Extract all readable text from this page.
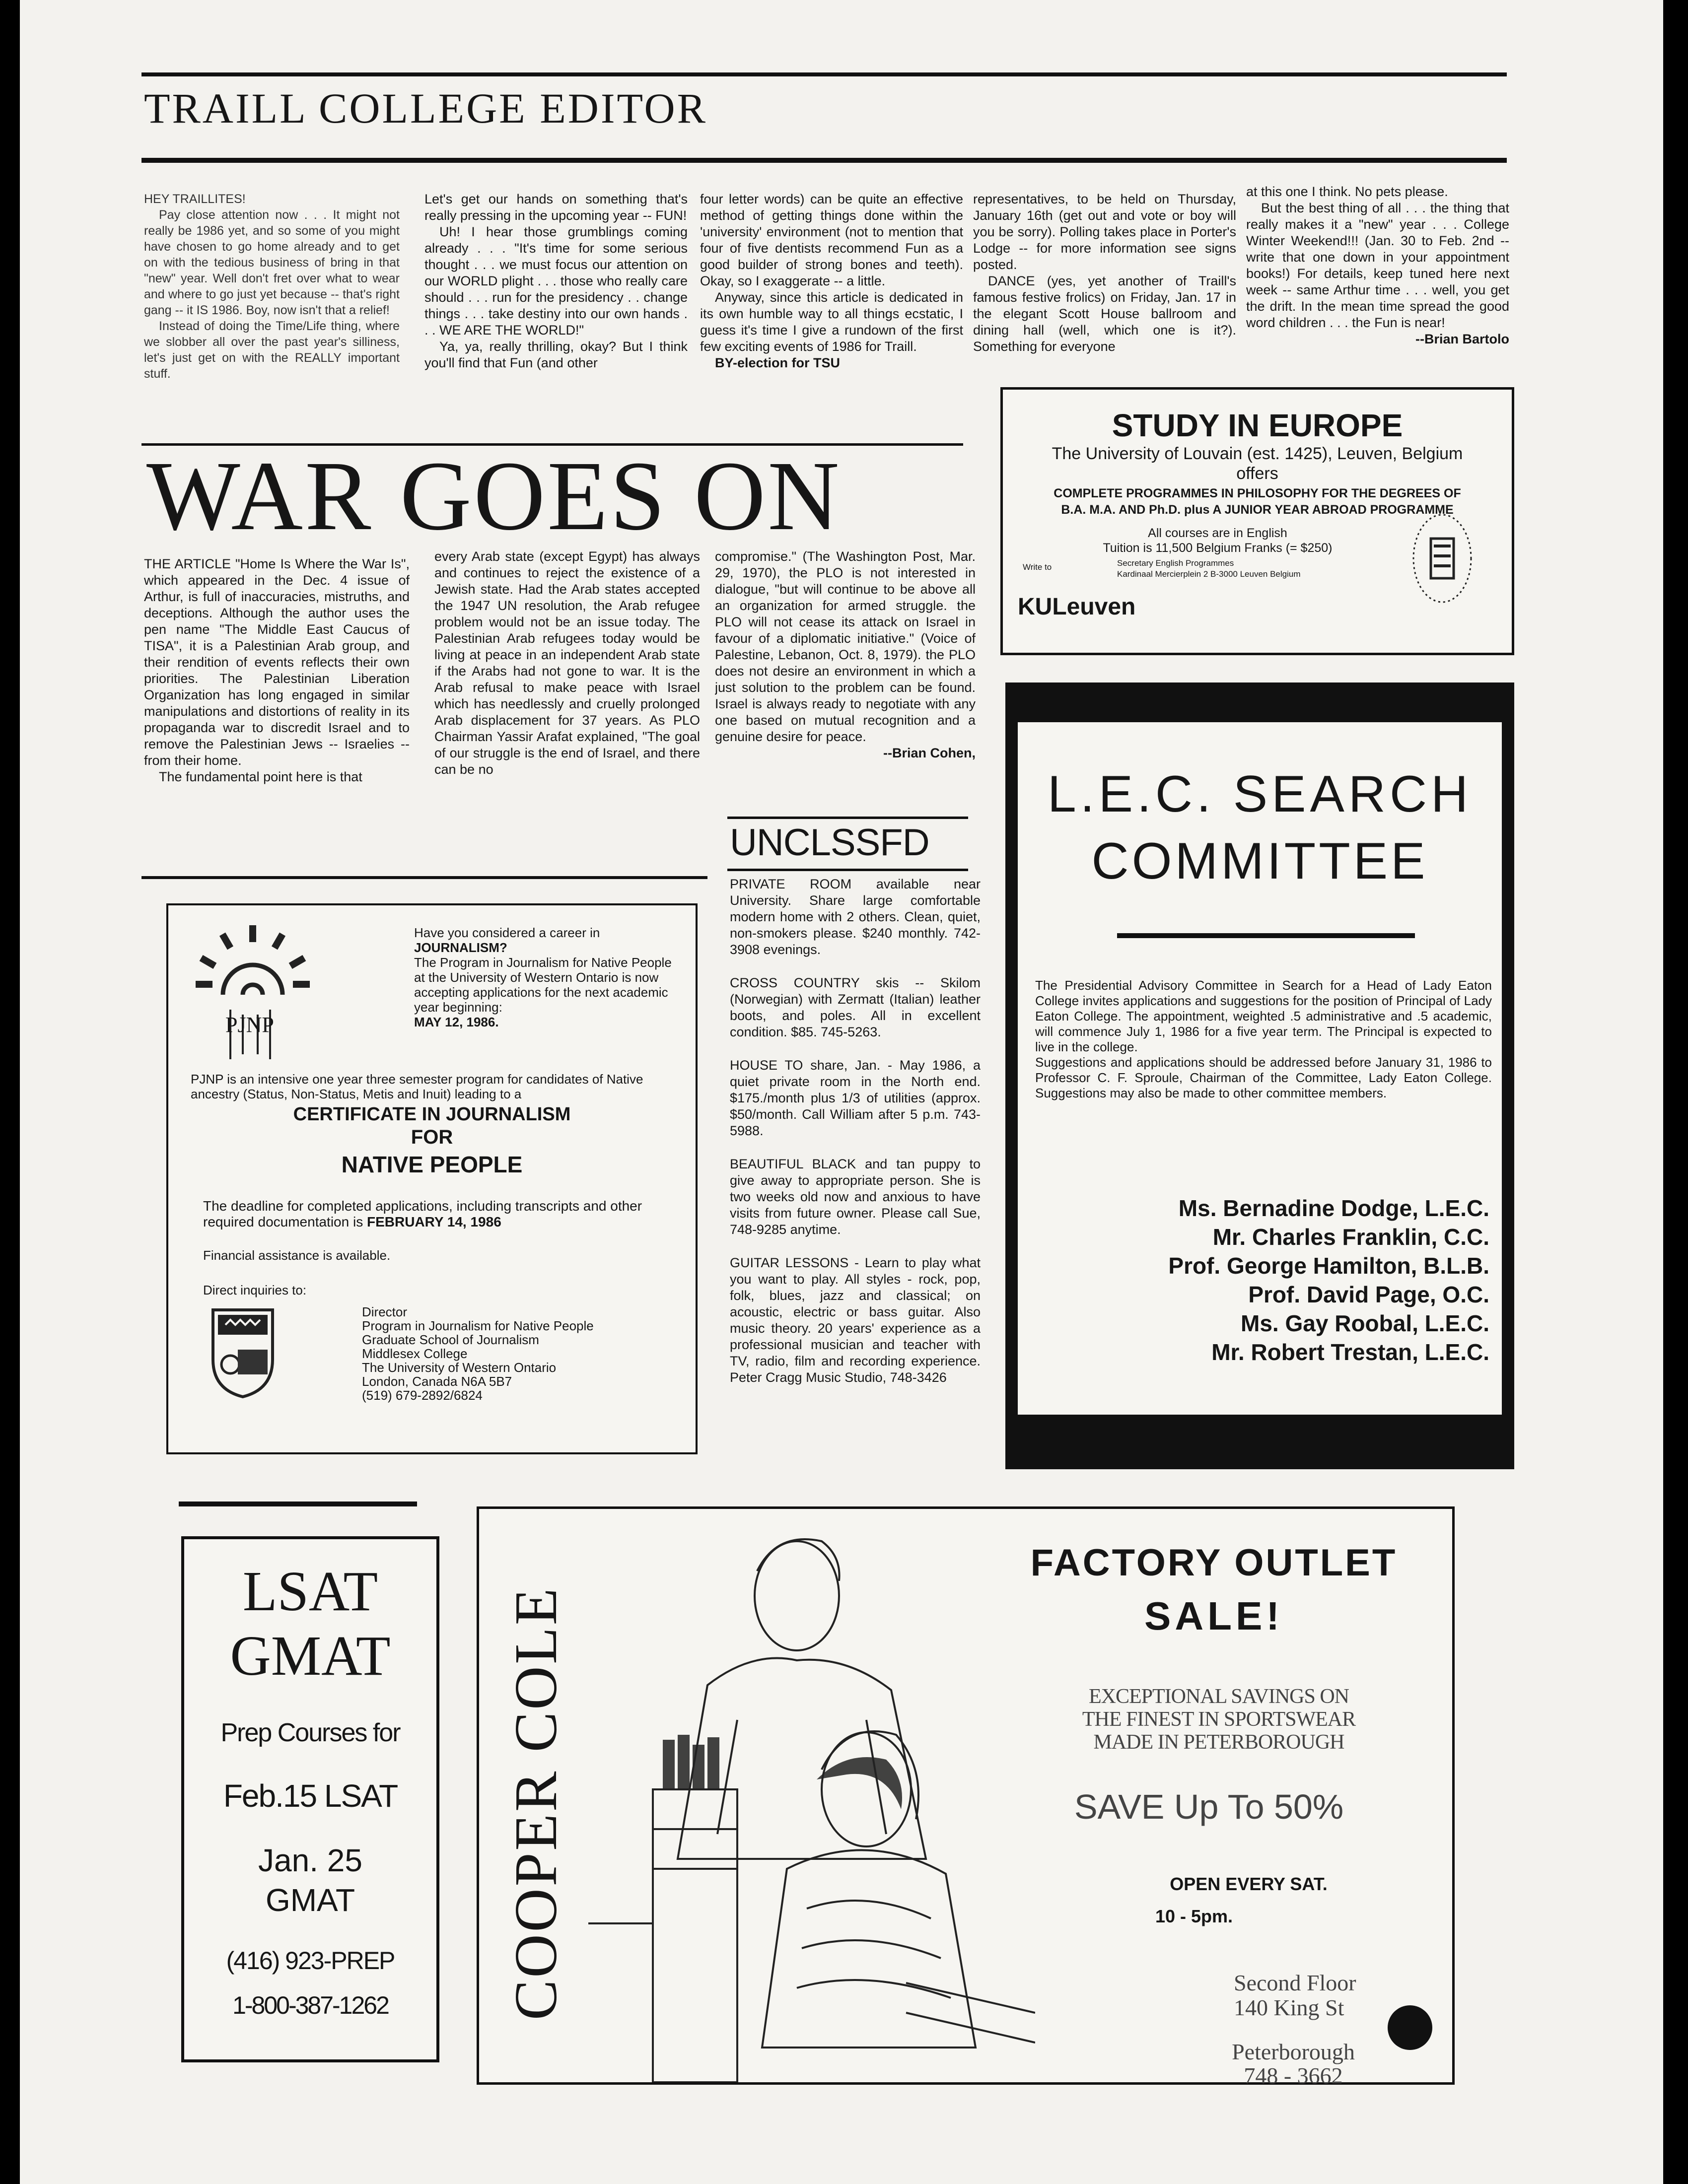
TRAILL COLLEGE EDITOR

HEY TRAILLITES!

Pay close attention now . . . It might not really be 1986 yet, and so some of you might have chosen to go home already and to get on with the tedious business of bring in that "new" year. Well don't fret over what to wear and where to go just yet because -- that's right gang -- it IS 1986. Boy, now isn't that a relief!

Instead of doing the Time/Life thing, where we slobber all over the past year's silliness, let's just get on with the REALLY important stuff.

Let's get our hands on something that's really pressing in the upcoming year -- FUN!

Uh! I hear those grumblings coming already . . . "It's time for some serious thought . . . we must focus our attention on our WORLD plight . . . those who really care should . . . run for the presidency . . change things . . . take destiny into our own hands . . . WE ARE THE WORLD!"

Ya, ya, really thrilling, okay? But I think you'll find that Fun (and other

four letter words) can be quite an effective method of getting things done within the 'university' environment (not to mention that four of five dentists recommend Fun as a good builder of strong bones and teeth). Okay, so I exaggerate -- a little.

Anyway, since this article is dedicated in its own humble way to all things ecstatic, I guess it's time I give a rundown of the first few exciting events of 1986 for Traill.

BY-election for TSU

representatives, to be held on Thursday, January 16th (get out and vote or boy will you be sorry). Polling takes place in Porter's Lodge -- for more information see signs posted.

DANCE (yes, yet another of Traill's famous festive frolics) on Friday, Jan. 17 in the elegant Scott House ballroom and dining hall (well, which one is it?). Something for everyone

at this one I think. No pets please.

But the best thing of all . . . the thing that really makes it a "new" year . . . College Winter Weekend!!! (Jan. 30 to Feb. 2nd -- write that one down in your appointment books!) For details, keep tuned here next week -- same Arthur time . . . well, you get the drift. In the mean time spread the good word children . . . the Fun is near!

--Brian Bartolo

WAR GOES ON

THE ARTICLE "Home Is Where the War Is", which appeared in the Dec. 4 issue of Arthur, is full of inaccuracies, mistruths, and deceptions. Although the author uses the pen name "The Middle East Caucus of TISA", it is a Palestinian Arab group, and their rendition of events reflects their own priorities. The Palestinian Liberation Organization has long engaged in similar manipulations and distortions of reality in its propaganda war to discredit Israel and to remove the Palestinian Jews -- Israelies -- from their home.

The fundamental point here is that

every Arab state (except Egypt) has always and continues to reject the existence of a Jewish state. Had the Arab states accepted the 1947 UN resolution, the Arab refugee problem would not be an issue today. The Palestinian Arab refugees today would be living at peace in an independent Arab state if the Arabs had not gone to war. It is the Arab refusal to make peace with Israel which has needlessly and cruelly prolonged Arab displacement for 37 years. As PLO Chairman Yassir Arafat explained, "The goal of our struggle is the end of Israel, and there can be no

compromise." (The Washington Post, Mar. 29, 1970), the PLO is not interested in dialogue, "but will continue to be above all an organization for armed struggle. the PLO will not cease its attack on Israel in favour of a diplomatic initiative." (Voice of Palestine, Lebanon, Oct. 8, 1979). the PLO does not desire an environment in which a just solution to the problem can be found. Israel is always ready to negotiate with any one based on mutual recognition and a genuine desire for peace.

--Brian Cohen,

UNCLSSFD

PRIVATE ROOM available near University. Share large comfortable modern home with 2 others. Clean, quiet, non-smokers please. $240 monthly. 742-3908 evenings.

CROSS COUNTRY skis -- Skilom (Norwegian) with Zermatt (Italian) leather boots, and poles. All in excellent condition. $85. 745-5263.

HOUSE TO share, Jan. - May 1986, a quiet private room in the North end. $175./month plus 1/3 of utilities (approx. $50/month. Call William after 5 p.m. 743-5988.

BEAUTIFUL BLACK and tan puppy to give away to appropriate person. She is two weeks old now and anxious to have visits from future owner. Please call Sue, 748-9285 anytime.

GUITAR LESSONS - Learn to play what you want to play. All styles - rock, pop, folk, blues, jazz and classical; on acoustic, electric or bass guitar. Also music theory. 20 years' experience as a professional musician and teacher with TV, radio, film and recording experience. Peter Cragg Music Studio, 748-3426

STUDY IN EUROPE
The University of Louvain (est. 1425), Leuven, Belgium
offers
COMPLETE PROGRAMMES IN PHILOSOPHY FOR THE DEGREES OF
B.A. M.A. AND Ph.D. plus A JUNIOR YEAR ABROAD PROGRAMME
All courses are in English
Tuition is 11,500 Belgium Franks (= $250)
Write to	Secretary English Programmes
Kardinaal Mercierplein 2 B-3000 Leuven Belgium
KULeuven
L.E.C. SEARCH
COMMITTEE

The Presidential Advisory Committee in Search for a Head of Lady Eaton College invites applications and suggestions for the position of Principal of Lady Eaton College. The appointment, weighted .5 administrative and .5 academic, will commence July 1, 1986 for a five year term. The Principal is expected to live in the college.

Suggestions and applications should be addressed before January 31, 1986 to Professor C. F. Sproule, Chairman of the Committee, Lady Eaton College. Suggestions may also be made to other committee members.

Ms. Bernadine Dodge, L.E.C.
Mr. Charles Franklin, C.C.
Prof. George Hamilton, B.L.B.
Prof. David Page, O.C.
Ms. Gay Roobal, L.E.C.
Mr. Robert Trestan, L.E.C.
PJNP
Have you considered a career in
JOURNALISM?
The Program in Journalism for Native People at the University of Western Ontario is now accepting applications for the next academic year beginning:
MAY 12, 1986.
PJNP is an intensive one year three semester program for candidates of Native ancestry (Status, Non-Status, Metis and Inuit) leading to a
CERTIFICATE IN JOURNALISM
FOR
NATIVE PEOPLE
The deadline for completed applications, including transcripts and other required documentation is FEBRUARY 14, 1986
Financial assistance is available.
Direct inquiries to:
Director
Program in Journalism for Native People
Graduate School of Journalism
Middlesex College
The University of Western Ontario
London, Canada N6A 5B7
(519) 679-2892/6824
LSAT
GMAT
Prep Courses for
Feb.15 LSAT
Jan. 25
GMAT
(416) 923-PREP
1-800-387-1262	COOPER COLE
FACTORY OUTLET
SALE!
EXCEPTIONAL SAVINGS ON
THE FINEST IN SPORTSWEAR
MADE IN PETERBOROUGH
SAVE Up To 50%
OPEN EVERY SAT.
10 - 5pm.
Second Floor
140 King St
Peterborough
748 - 3662
